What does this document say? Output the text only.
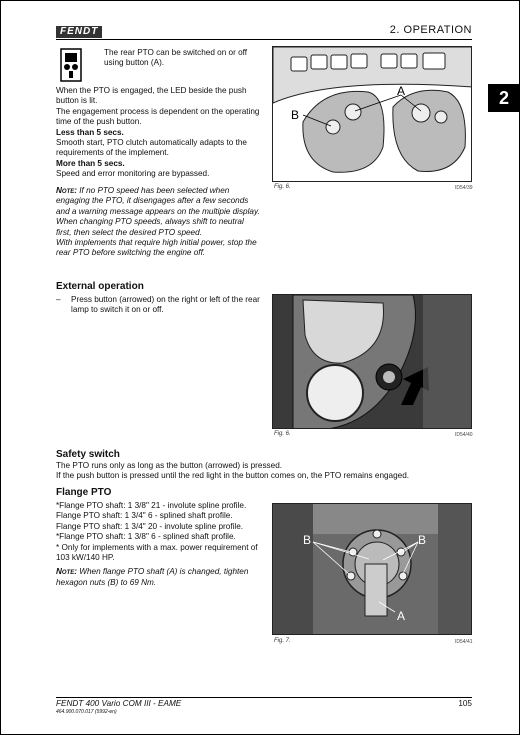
FENDT	2. OPERATION
2
The rear PTO can be switched on or off using button (A).
When the PTO is engaged, the LED beside the push button is lit.
The engagement process is dependent on the operating time of the push button.
Less than 5 secs.
Smooth start, PTO clutch automatically adapts to the requirements of the implement.
More than 5 secs.
Speed and error monitoring are bypassed.
Note: If no PTO speed has been selected when engaging the PTO, it disengages after a few seconds and a warning message appears on the multipie display.
When changing PTO speeds, always shift to neutral first, then select the desired PTO speed.
With implements that require high initial power, stop the rear PTO before switching the engine off.
A
B
Fig. 6.	ID54/39
External operation
–	Press button (arrowed) on the right or left of the rear lamp to switch it on or off.
Fig. 6.	ID54/40
Safety switch
The PTO runs only as long as the button (arrowed) is pressed.
If the push button is pressed until the red light in the button comes on, the PTO remains engaged.
Flange PTO
*Flange PTO shaft: 1 3/8" 21 - involute spline profile.
Flange PTO shaft: 1 3/4" 6 - splined shaft profile.
Flange PTO shaft: 1 3/4" 20 - involute spline profile.
*Flange PTO shaft: 1 3/8" 6 - splined shaft profile.
* Only for implements with a max. power requirement of 103 kW/140 HP.
Note: When flange PTO shaft (A) is changed, tighten hexagon nuts (B) to 69 Nm.
B	B
A
Fig. 7.	ID54/41
FENDT 400 Vario COM III - EAME
464.900.070.017 (5992-en)
105
